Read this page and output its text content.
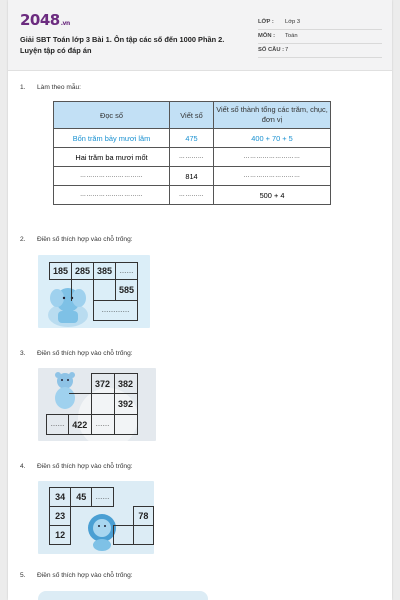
2048.vn
Giải SBT Toán lớp 3 Bài 1. Ôn tập các số đến 1000 Phần 2. Luyện tập có đáp án
LỚP : Lớp 3
MÔN : Toán
SỐ CÂU : 7
1. Làm theo mẫu:
Đọc số	Viết số	Viết số thành tổng các trăm, chục, đơn vị
Bốn trăm bảy mươi lăm	475	400 + 70 + 5
Hai trăm ba mươi mốt	…………	………………………
…………………………	814	………………………
…………………………	…………	500 + 4
2. Điền số thích hợp vào chỗ trống:
185	285	385	……
			585
		…………	
3. Điền số thích hợp vào chỗ trống:
		372	382
			392
……	422	……	
4. Điền số thích hợp vào chỗ trống:
34	45	……		
23				78
12				
5. Điền số thích hợp vào chỗ trống:
